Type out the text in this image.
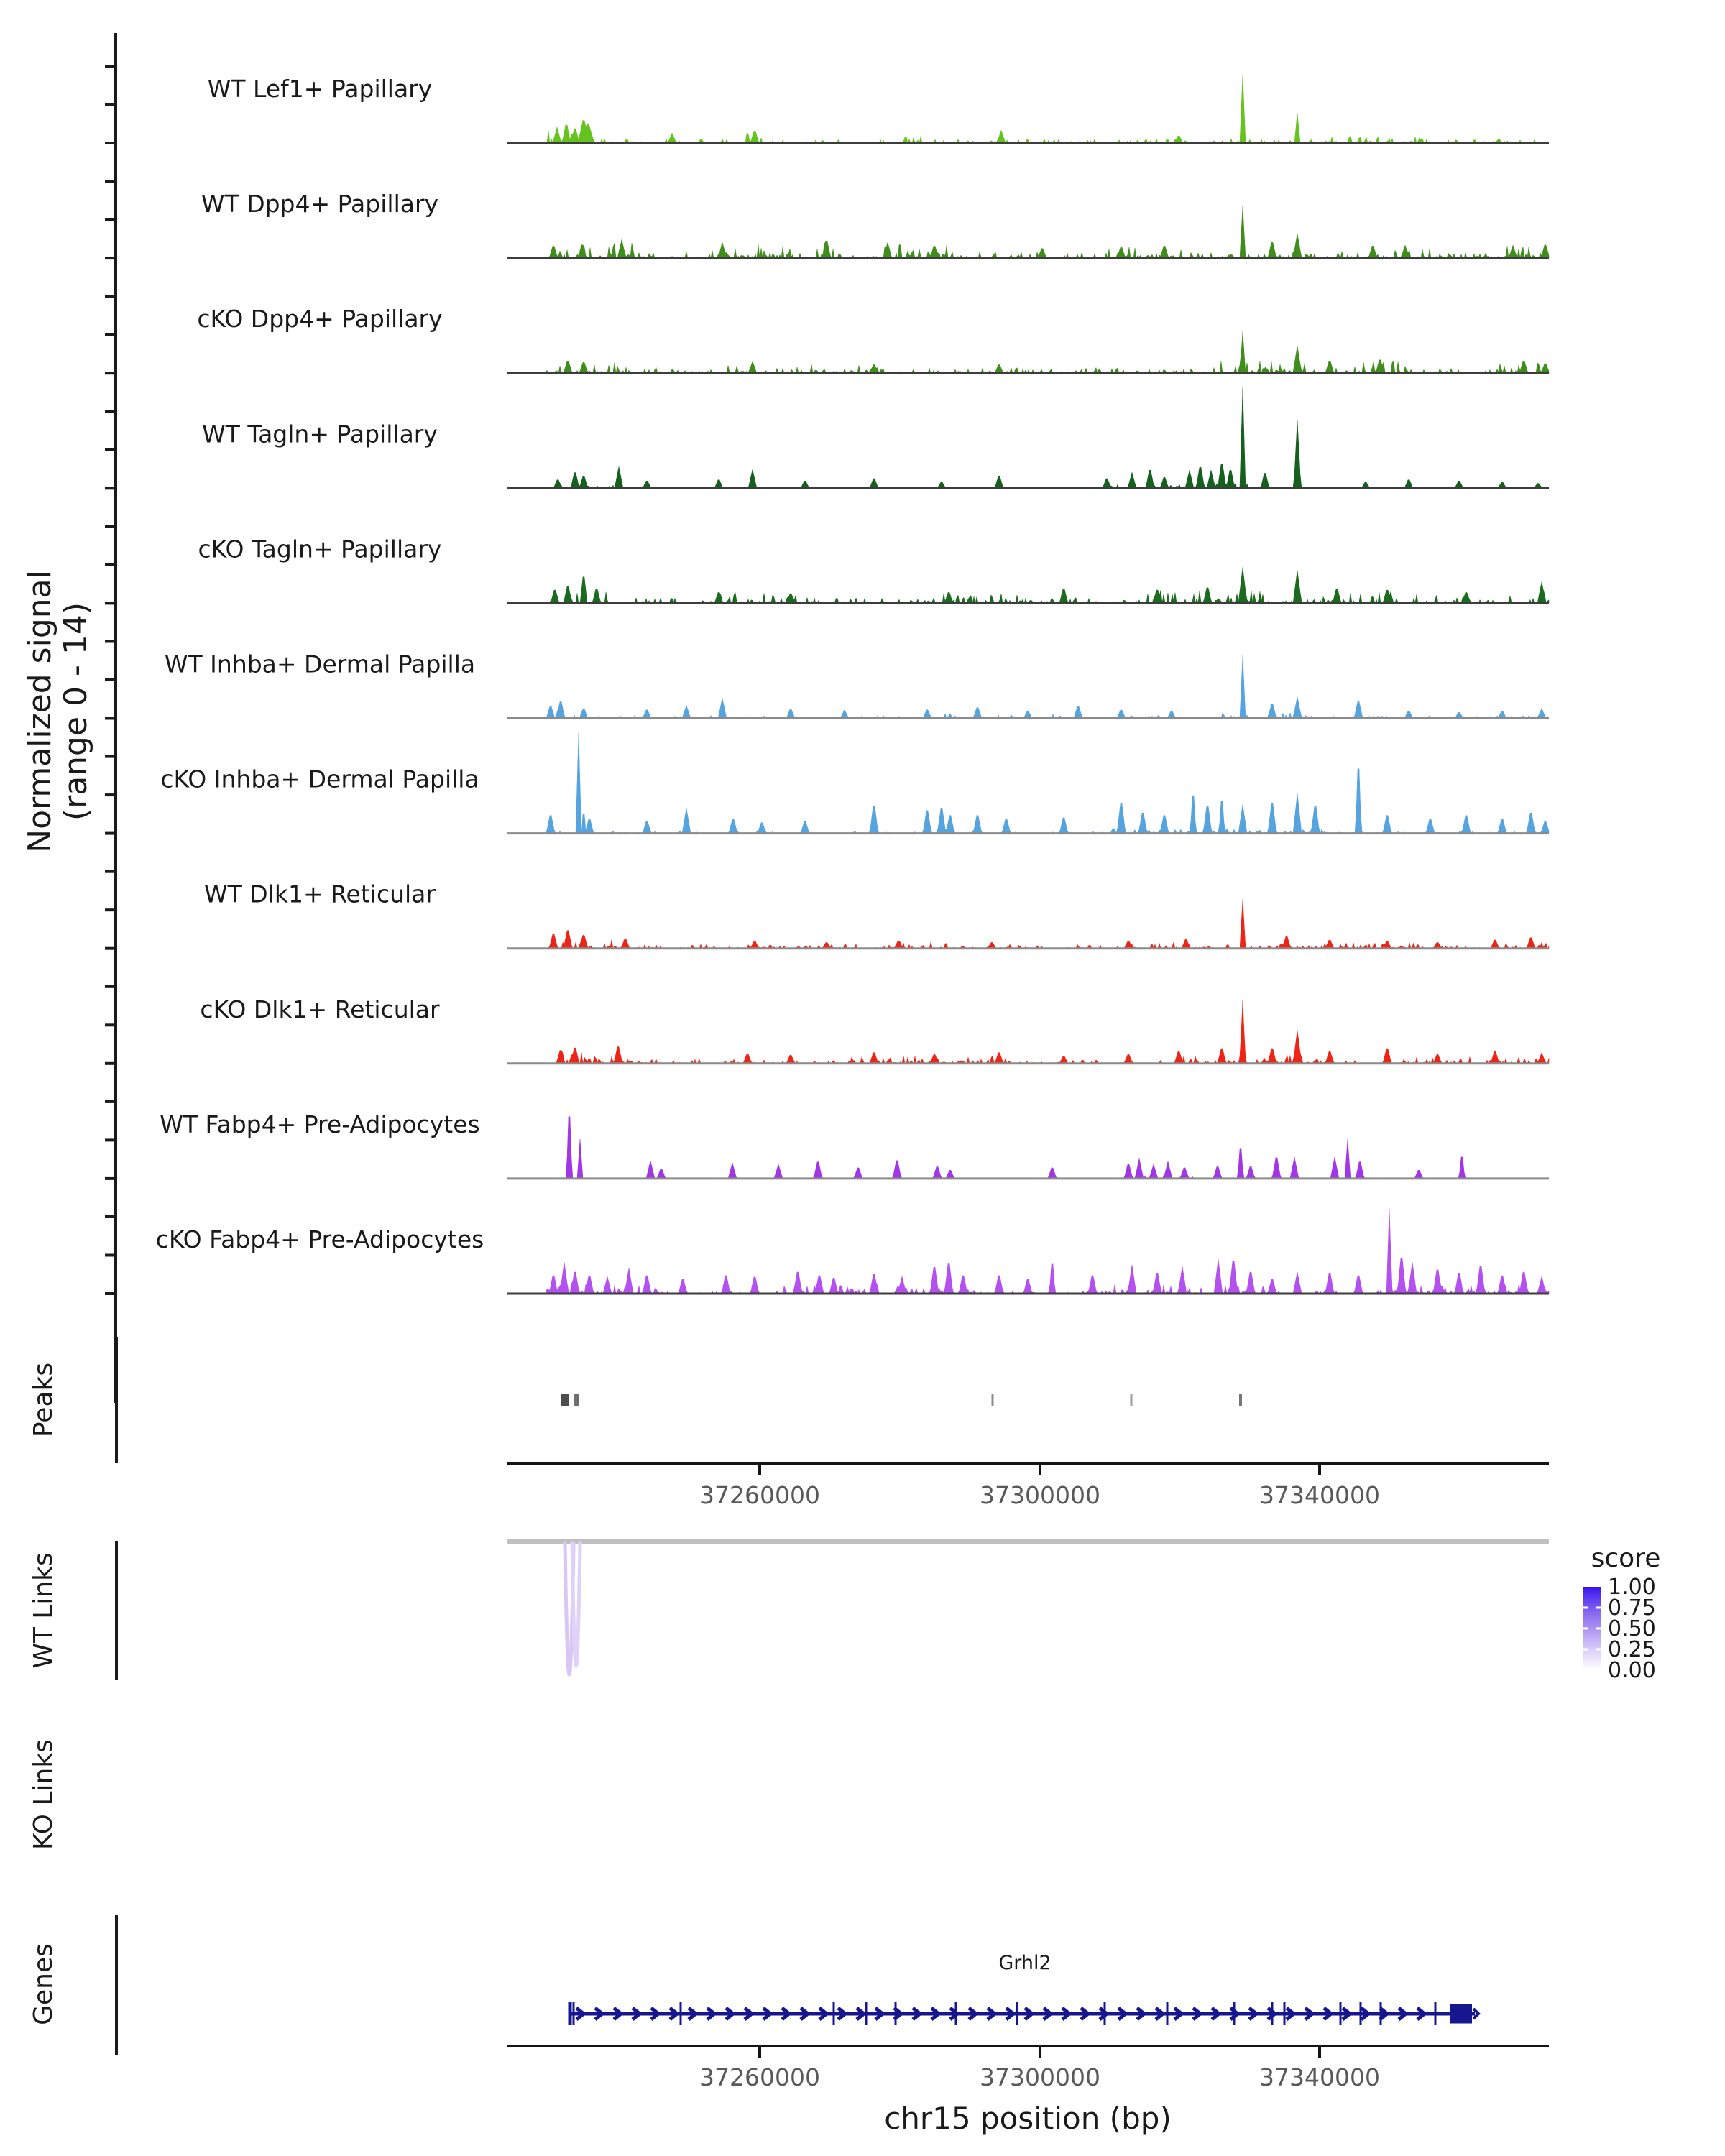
Normalized signal (range 0 - 14)
Peaks
WT Links
KO Links
Genes
WT Lef1+ Papillary
WT Dpp4+ Papillary
cKO Dpp4+ Papillary
WT Tagln+ Papillary
cKO Tagln+ Papillary
WT Inhba+ Dermal Papilla
cKO Inhba+ Dermal Papilla
WT Dlk1+ Reticular
cKO Dlk1+ Reticular
WT Fabp4+ Pre-Adipocytes
cKO Fabp4+ Pre-Adipocytes
37260000	37300000	37340000
score
1.00
0.75
0.50
0.25
0.00
Grhl2
37260000	37300000	37340000
chr15 position (bp)
